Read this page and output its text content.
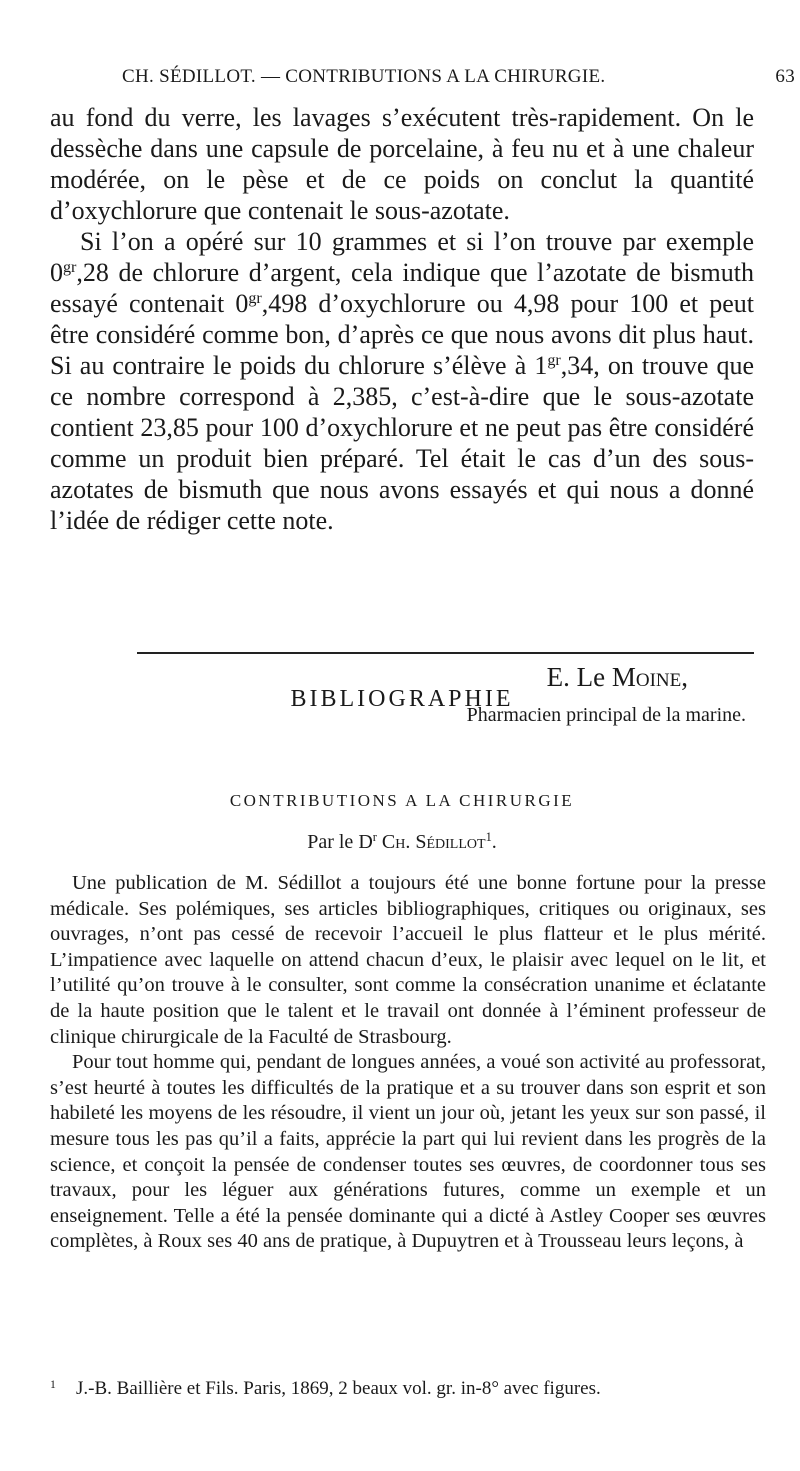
CH. SÉDILLOT. — CONTRIBUTIONS A LA CHIRURGIE.	63

au fond du verre, les lavages s’exécutent très-rapidement. On le dessèche dans une capsule de porcelaine, à feu nu et à une chaleur modérée, on le pèse et de ce poids on conclut la quantité d’oxychlorure que contenait le sous-azotate.

Si l’on a opéré sur 10 grammes et si l’on trouve par exemple $0^{gr},28$ de chlorure d’argent, cela indique que l’azotate de bismuth essayé contenait $0^{gr},498$ d’oxychlorure ou 4,98 pour 100 et peut être considéré comme bon, d’après ce que nous avons dit plus haut. Si au contraire le poids du chlorure s’élève à $1^{gr},34$, on trouve que ce nombre correspond à 2,385, c’est-à-dire que le sous-azotate contient 23,85 pour 100 d’oxychlorure et ne peut pas être considéré comme un produit bien préparé. Tel était le cas d’un des sous-azotates de bismuth que nous avons essayés et qui nous a donné l’idée de rédiger cette note.

E. Le Moine,
Pharmacien principal de la marine.
BIBLIOGRAPHIE
CONTRIBUTIONS A LA CHIRURGIE
Par le $D^r$ Ch. Sédillot$^1$.

Une publication de M. Sédillot a toujours été une bonne fortune pour la presse médicale. Ses polémiques, ses articles bibliographiques, critiques ou originaux, ses ouvrages, n’ont pas cessé de recevoir l’accueil le plus flatteur et le plus mérité. L’impatience avec laquelle on attend chacun d’eux, le plaisir avec lequel on le lit, et l’utilité qu’on trouve à le consulter, sont comme la consécration unanime et éclatante de la haute position que le talent et le travail ont donnée à l’éminent professeur de clinique chirurgicale de la Faculté de Strasbourg.

Pour tout homme qui, pendant de longues années, a voué son activité au professorat, s’est heurté à toutes les difficultés de la pratique et a su trouver dans son esprit et son habileté les moyens de les résoudre, il vient un jour où, jetant les yeux sur son passé, il mesure tous les pas qu’il a faits, apprécie la part qui lui revient dans les progrès de la science, et conçoit la pensée de condenser toutes ses œuvres, de coordonner tous ses travaux, pour les léguer aux générations futures, comme un exemple et un enseignement. Telle a été la pensée dominante qui a dicté à Astley Cooper ses œuvres complètes, à Roux ses 40 ans de pratique, à Dupuytren et à Trousseau leurs leçons, à

$^1$ J.-B. Baillière et Fils. Paris, 1869, 2 beaux vol. gr. in-8° avec figures.
